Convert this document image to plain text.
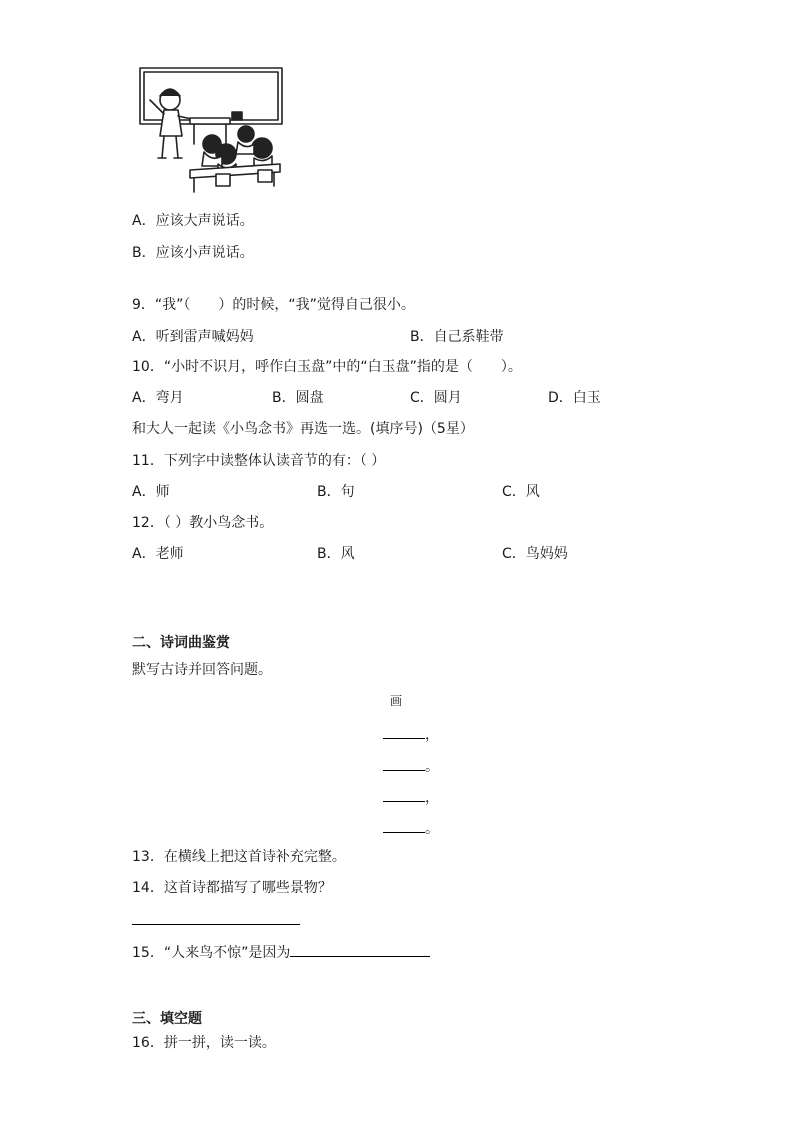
A．应该大声说话。
B．应该小声说话。
9．“我”（　　）的时候，“我”觉得自己很小。
A．听到雷声喊妈妈	B．自己系鞋带
10．“小时不识月，呼作白玉盘”中的“白玉盘”指的是（　　）。
A．弯月	B．圆盘	C．圆月	D．白玉
和大人一起读《小鸟念书》再选一选。(填序号)（5星）
11．下列字中读整体认读音节的有：（ ）
A．师	B．句	C．风
12．（ ）教小鸟念书。
A．老师	B．风	C．鸟妈妈
二、诗词曲鉴赏
默写古诗并回答问题。
画
，
。
，
。
13．在横线上把这首诗补充完整。
14．这首诗都描写了哪些景物？
15．“人来鸟不惊”是因为
三、填空题
16．拼一拼，读一读。
